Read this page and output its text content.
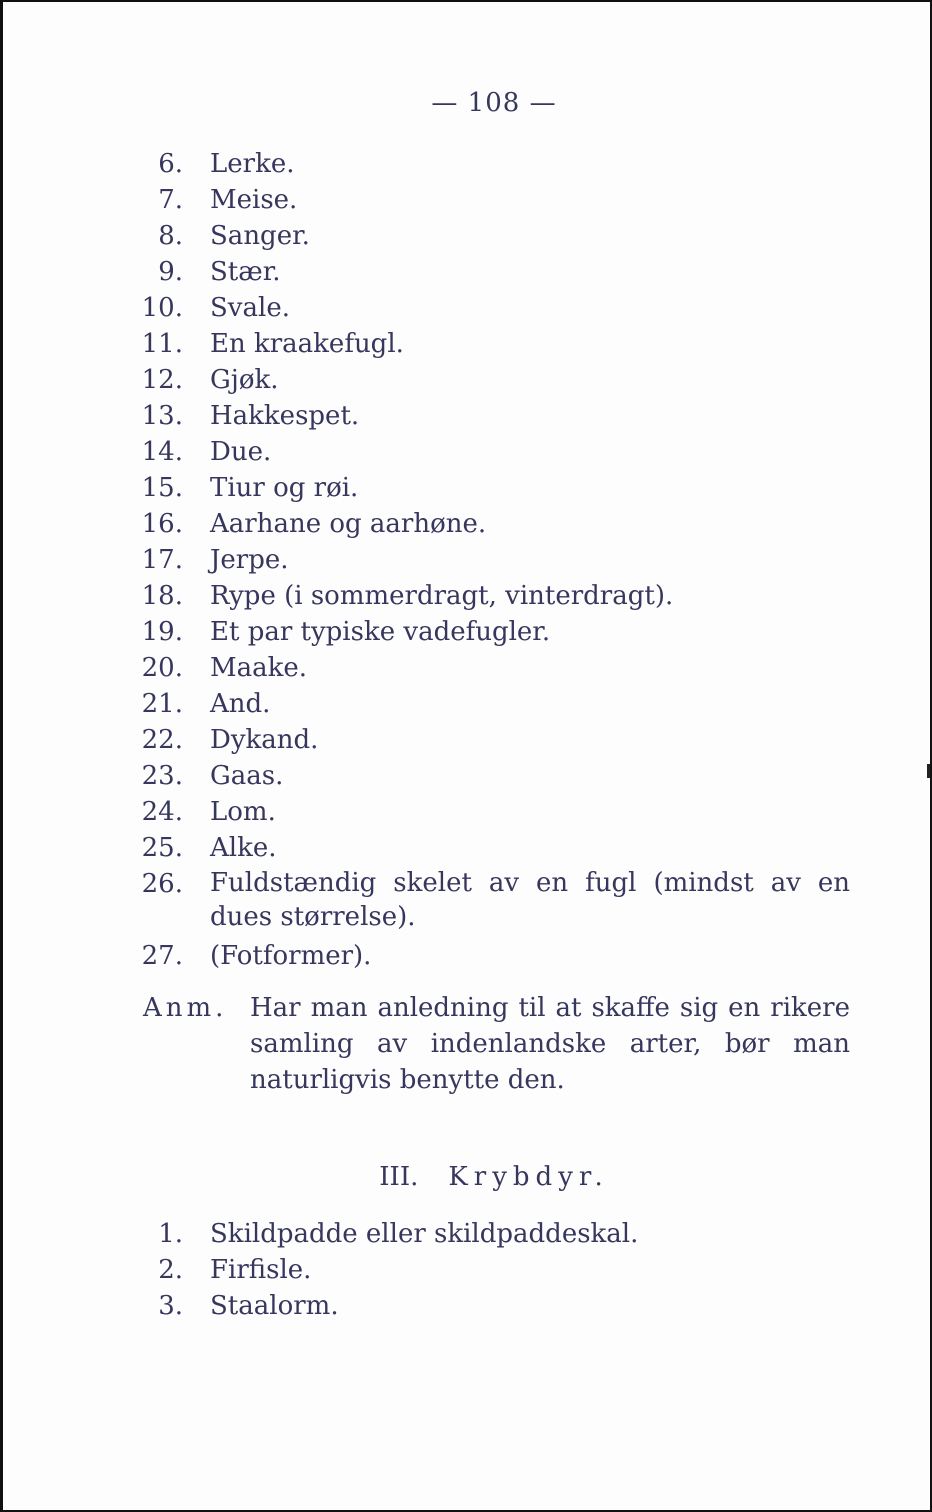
— 108 —
6. Lerke.
7. Meise.
8. Sanger.
9. Stær.
10. Svale.
11. En kraakefugl.
12. Gjøk.
13. Hakkespet.
14. Due.
15. Tiur og røi.
16. Aarhane og aarhøne.
17. Jerpe.
18. Rype (i sommerdragt, vinterdragt).
19. Et par typiske vadefugler.
20. Maake.
21. And.
22. Dykand.
23. Gaas.
24. Lom.
25. Alke.
26. Fuldstændig skelet av en fugl (mindst av en dues størrelse).
27. (Fotformer).
Anm. Har man anledning til at skaffe sig en rikere samling av indenlandske arter, bør man naturligvis benytte den.
III. Krybdyr.
1. Skildpadde eller skildpaddeskal.
2. Firfisle.
3. Staalorm.
